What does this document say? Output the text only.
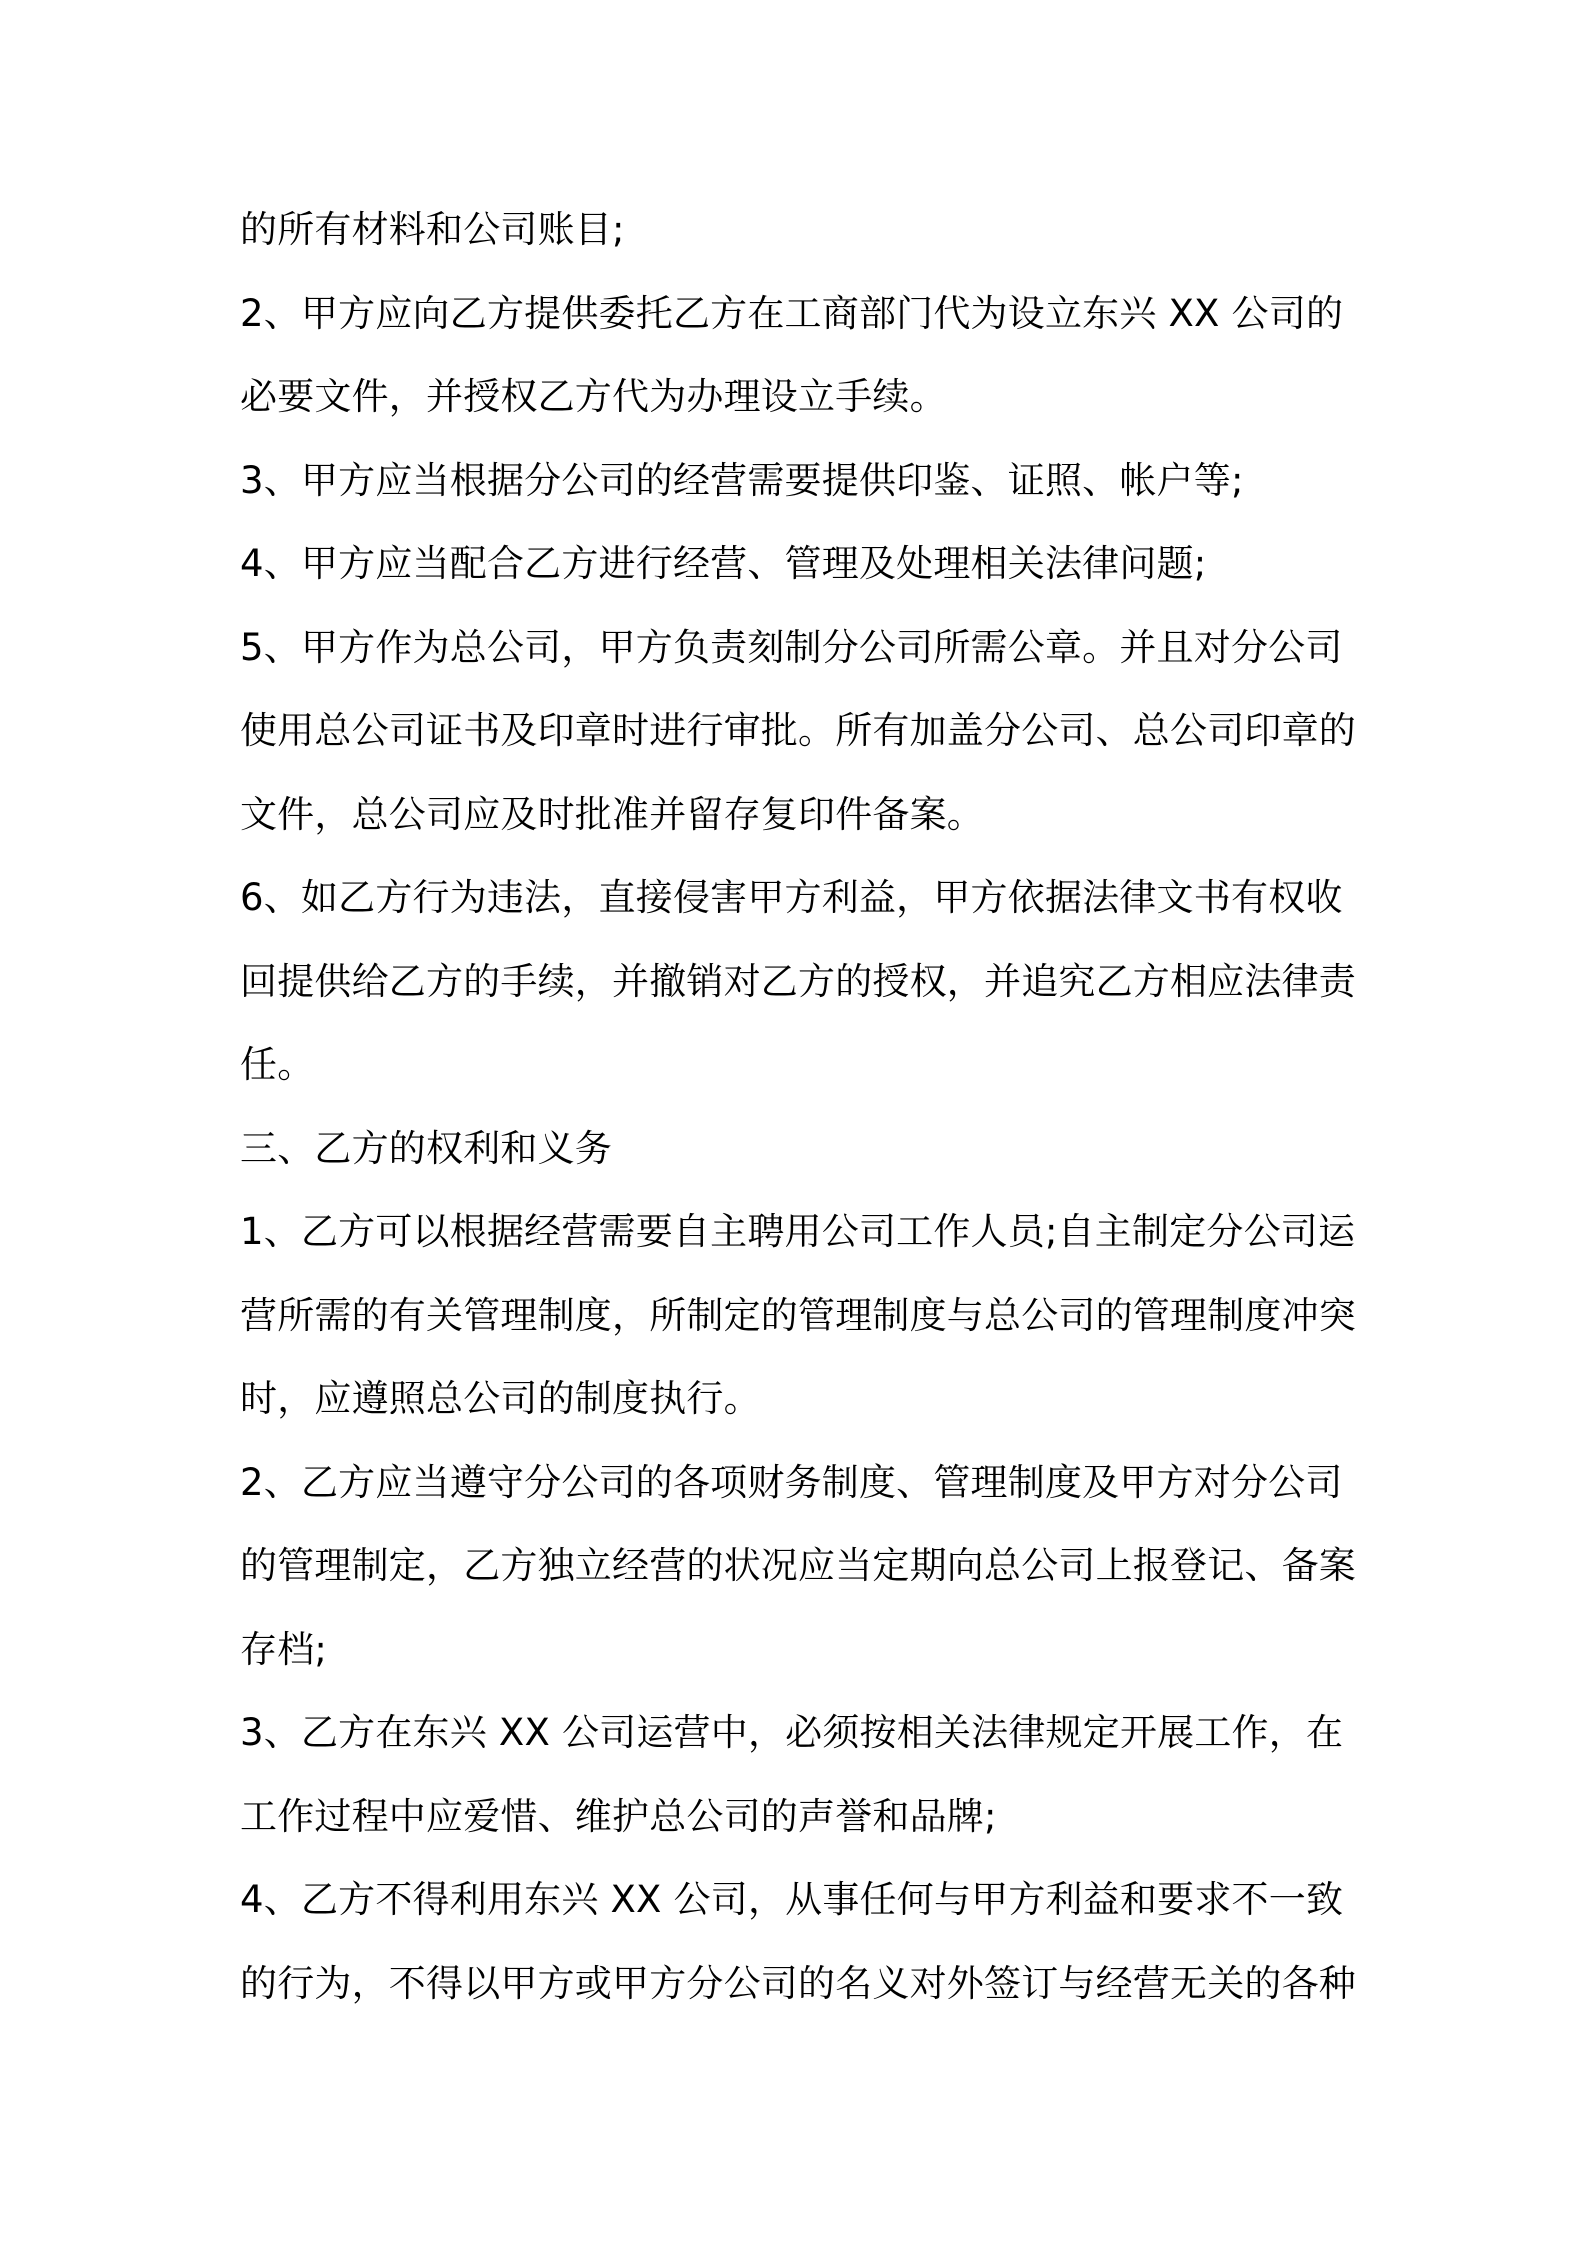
的所有材料和公司账目;
2、甲方应向乙方提供委托乙方在工商部门代为设立东兴 XX 公司的
必要文件，并授权乙方代为办理设立手续。
3、甲方应当根据分公司的经营需要提供印鉴、证照、帐户等;
4、甲方应当配合乙方进行经营、管理及处理相关法律问题;
5、甲方作为总公司，甲方负责刻制分公司所需公章。并且对分公司
使用总公司证书及印章时进行审批。所有加盖分公司、总公司印章的
文件，总公司应及时批准并留存复印件备案。
6、如乙方行为违法，直接侵害甲方利益，甲方依据法律文书有权收
回提供给乙方的手续，并撤销对乙方的授权，并追究乙方相应法律责
任。
三、乙方的权利和义务
1、乙方可以根据经营需要自主聘用公司工作人员;自主制定分公司运
营所需的有关管理制度，所制定的管理制度与总公司的管理制度冲突
时，应遵照总公司的制度执行。
2、乙方应当遵守分公司的各项财务制度、管理制度及甲方对分公司
的管理制定，乙方独立经营的状况应当定期向总公司上报登记、备案
存档;
3、乙方在东兴 XX 公司运营中，必须按相关法律规定开展工作，在
工作过程中应爱惜、维护总公司的声誉和品牌;
4、乙方不得利用东兴 XX 公司，从事任何与甲方利益和要求不一致
的行为，不得以甲方或甲方分公司的名义对外签订与经营无关的各种
